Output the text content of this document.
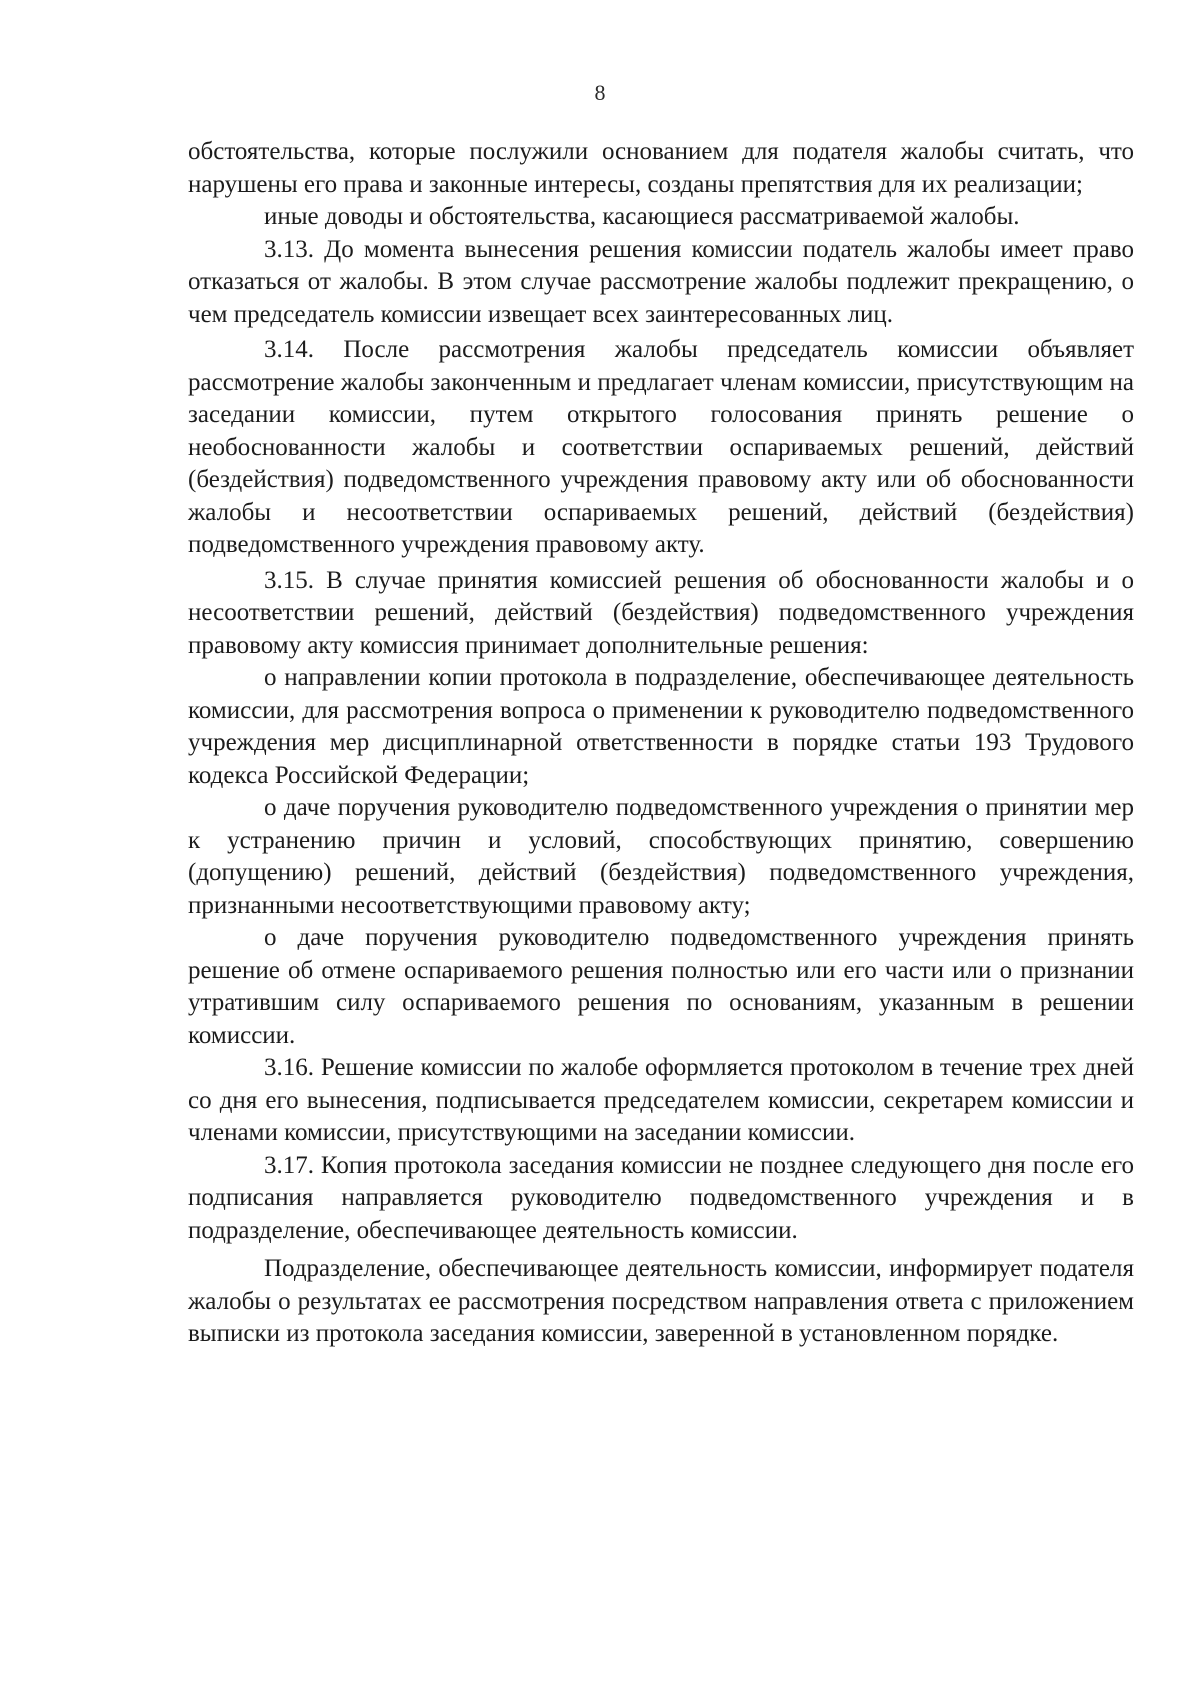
8

обстоятельства, которые послужили основанием для подателя жалобы считать, что нарушены его права и законные интересы, созданы препятствия для их реализации;

иные доводы и обстоятельства, касающиеся рассматриваемой жалобы.

3.13. До момента вынесения решения комиссии податель жалобы имеет право отказаться от жалобы. В этом случае рассмотрение жалобы подлежит прекращению, о чем председатель комиссии извещает всех заинтересованных лиц.

3.14. После рассмотрения жалобы председатель комиссии объявляет рассмотрение жалобы законченным и предлагает членам комиссии, присутствующим на заседании комиссии, путем открытого голосования принять решение о необоснованности жалобы и соответствии оспариваемых решений, действий (бездействия) подведомственного учреждения правовому акту или об обоснованности жалобы и несоответствии оспариваемых решений, действий (бездействия) подведомственного учреждения правовому акту.

3.15. В случае принятия комиссией решения об обоснованности жалобы и о несоответствии решений, действий (бездействия) подведомственного учреждения правовому акту комиссия принимает дополнительные решения:

о направлении копии протокола в подразделение, обеспечивающее деятельность комиссии, для рассмотрения вопроса о применении к руководителю подведомственного учреждения мер дисциплинарной ответственности в порядке статьи 193 Трудового кодекса Российской Федерации;

о даче поручения руководителю подведомственного учреждения о принятии мер к устранению причин и условий, способствующих принятию, совершению (допущению) решений, действий (бездействия) подведомственного учреждения, признанными несоответствующими правовому акту;

о даче поручения руководителю подведомственного учреждения принять решение об отмене оспариваемого решения полностью или его части или о признании утратившим силу оспариваемого решения по основаниям, указанным в решении комиссии.

3.16. Решение комиссии по жалобе оформляется протоколом в течение трех дней со дня его вынесения, подписывается председателем комиссии, секретарем комиссии и членами комиссии, присутствующими на заседании комиссии.

3.17. Копия протокола заседания комиссии не позднее следующего дня после его подписания направляется руководителю подведомственного учреждения и в подразделение, обеспечивающее деятельность комиссии.

Подразделение, обеспечивающее деятельность комиссии, информирует подателя жалобы о результатах ее рассмотрения посредством направления ответа с приложением выписки из протокола заседания комиссии, заверенной в установленном порядке.
